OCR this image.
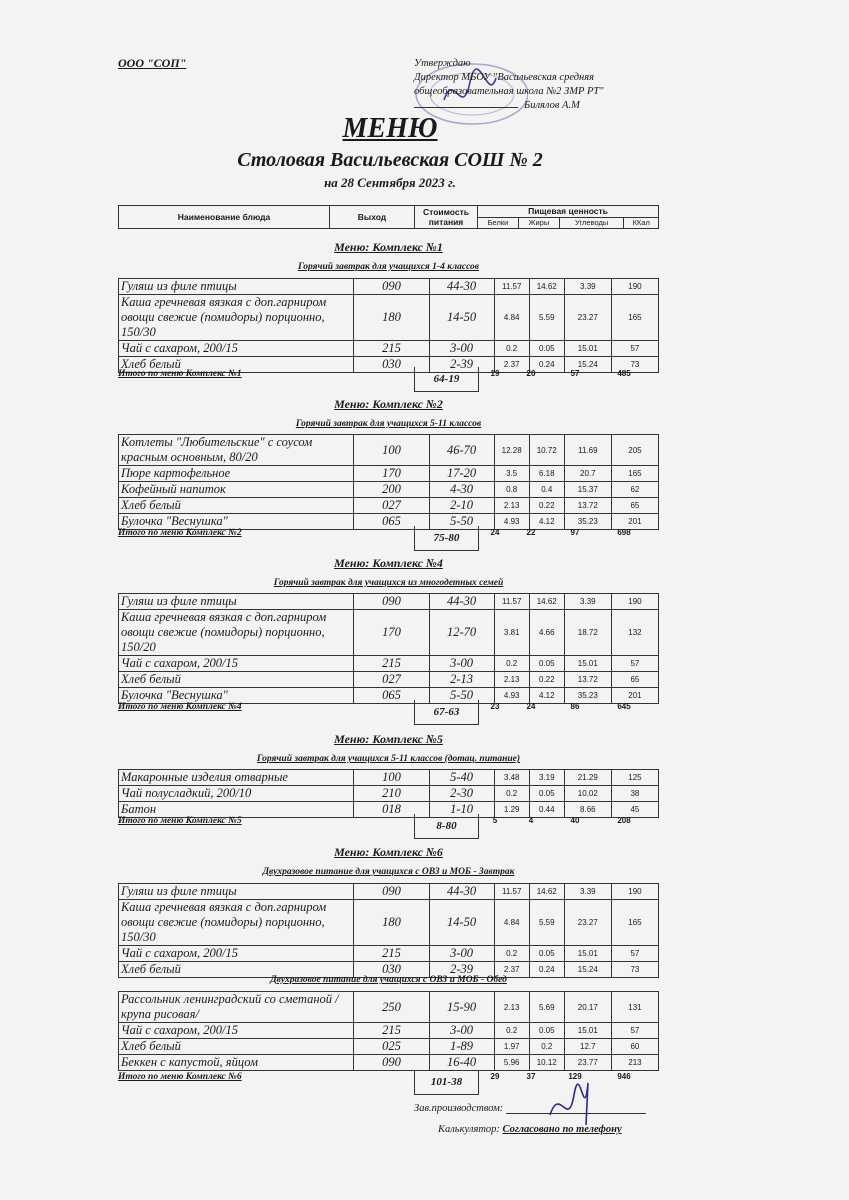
ООО "СОП"	Утверждаю
Директор МБОУ "Васильевская средняя
общеобразовательная школа №2 ЗМР РТ"
Билялов А.М
МЕНЮ
Столовая Васильевская СОШ № 2
на 28 Сентября 2023 г.
Наименование блюда	Выход	Стоимость
питания	Пищевая ценность			
			Белки	Жиры	Углеводы	ККал
Меню: Комплекс №1
Горячий завтрак для учащихся 1-4 классов
Гуляш из филе птицы	090	44-30	11.57	14.62	3.39	190
Каша гречневая вязкая с доп.гарниром овощи свежие (помидоры) порционно, 150/30	180	14-50	4.84	5.59	23.27	165
Чай с сахаром, 200/15	215	3-00	0.2	0.05	15.01	57
Хлеб белый	030	2-39	2.37	0.24	15.24	73
Итого по меню Комплекс №1	64-19	19	20	57	485
Меню: Комплекс №2
Горячий завтрак для учащихся 5-11 классов
Котлеты "Любительские" с соусом красным основным, 80/20	100	46-70	12.28	10.72	11.69	205
Пюре картофельное	170	17-20	3.5	6.18	20.7	165
Кофейный напиток	200	4-30	0.8	0.4	15.37	62
Хлеб белый	027	2-10	2.13	0.22	13.72	65
Булочка "Веснушка"	065	5-50	4.93	4.12	35.23	201
Итого по меню Комплекс №2	75-80	24	22	97	698
Меню: Комплекс №4
Горячий завтрак для учащихся из многодетных семей
Гуляш из филе птицы	090	44-30	11.57	14.62	3.39	190
Каша гречневая вязкая с доп.гарниром овощи свежие (помидоры) порционно, 150/20	170	12-70	3.81	4.66	18.72	132
Чай с сахаром, 200/15	215	3-00	0.2	0.05	15.01	57
Хлеб белый	027	2-13	2.13	0.22	13.72	65
Булочка "Веснушка"	065	5-50	4.93	4.12	35.23	201
Итого по меню Комплекс №4	67-63	23	24	86	645
Меню: Комплекс №5
Горячий завтрак для учащихся 5-11 классов (дотац. питание)
Макаронные изделия отварные	100	5-40	3.48	3.19	21.29	125
Чай полусладкий, 200/10	210	2-30	0.2	0.05	10.02	38
Батон	018	1-10	1.29	0.44	8.66	45
Итого по меню Комплекс №5	8-80	5	4	40	208
Меню: Комплекс №6
Двухразовое питание для учащихся с ОВЗ и МОБ - Завтрак
Гуляш из филе птицы	090	44-30	11.57	14.62	3.39	190
Каша гречневая вязкая с доп.гарниром овощи свежие (помидоры) порционно, 150/30	180	14-50	4.84	5.59	23.27	165
Чай с сахаром, 200/15	215	3-00	0.2	0.05	15.01	57
Хлеб белый	030	2-39	2.37	0.24	15.24	73
Двухразовое питание для учащихся с ОВЗ и МОБ - Обед
Рассольник ленинградский со сметаной /крупа рисовая/	250	15-90	2.13	5.69	20.17	131
Чай с сахаром, 200/15	215	3-00	0.2	0.05	15.01	57
Хлеб белый	025	1-89	1.97	0.2	12.7	60
Беккен с капустой, яйцом	090	16-40	5.96	10.12	23.77	213
Итого по меню Комплекс №6	101-38	29	37	129	946
Зав.производством:
Калькулятор: Согласовано по телефону
